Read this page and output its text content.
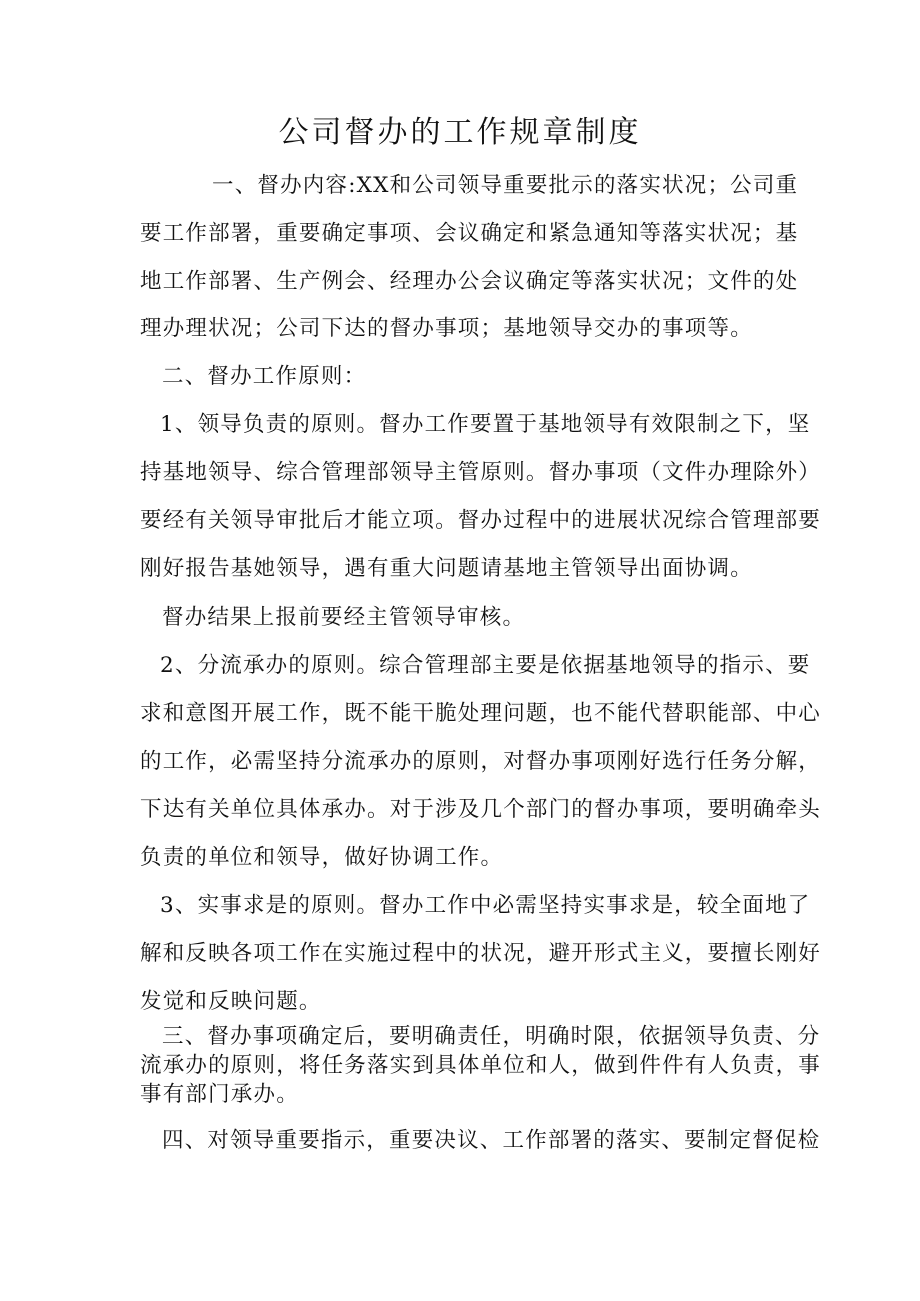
公司督办的工作规章制度
一、督办内容:XX和公司领导重要批示的落实状况；公司重
要工作部署，重要确定事项、会议确定和紧急通知等落实状况；基
地工作部署、生产例会、经理办公会议确定等落实状况；文件的处
理办理状况；公司下达的督办事项；基地领导交办的事项等。
二、督办工作原则：
1、领导负责的原则。督办工作要置于基地领导有效限制之下，坚
持基地领导、综合管理部领导主管原则。督办事项（文件办理除外）
要经有关领导审批后才能立项。督办过程中的进展状况综合管理部要
刚好报告基她领导，遇有重大问题请基地主管领导出面协调。
督办结果上报前要经主管领导审核。
2、分流承办的原则。综合管理部主要是依据基地领导的指示、要
求和意图开展工作，既不能干脆处理问题，也不能代替职能部、中心
的工作，必需坚持分流承办的原则，对督办事项刚好选行任务分解，
下达有关单位具体承办。对于涉及几个部门的督办事项，要明确牵头
负责的单位和领导，做好协调工作。
3、实事求是的原则。督办工作中必需坚持实事求是，较全面地了
解和反映各项工作在实施过程中的状况，避开形式主义，要擅长刚好
发觉和反映问题。
三、督办事项确定后，要明确责任，明确时限，依据领导负责、分
流承办的原则，将任务落实到具体单位和人，做到件件有人负责，事
事有部门承办。
四、对领导重要指示，重要决议、工作部署的落实、要制定督促检
